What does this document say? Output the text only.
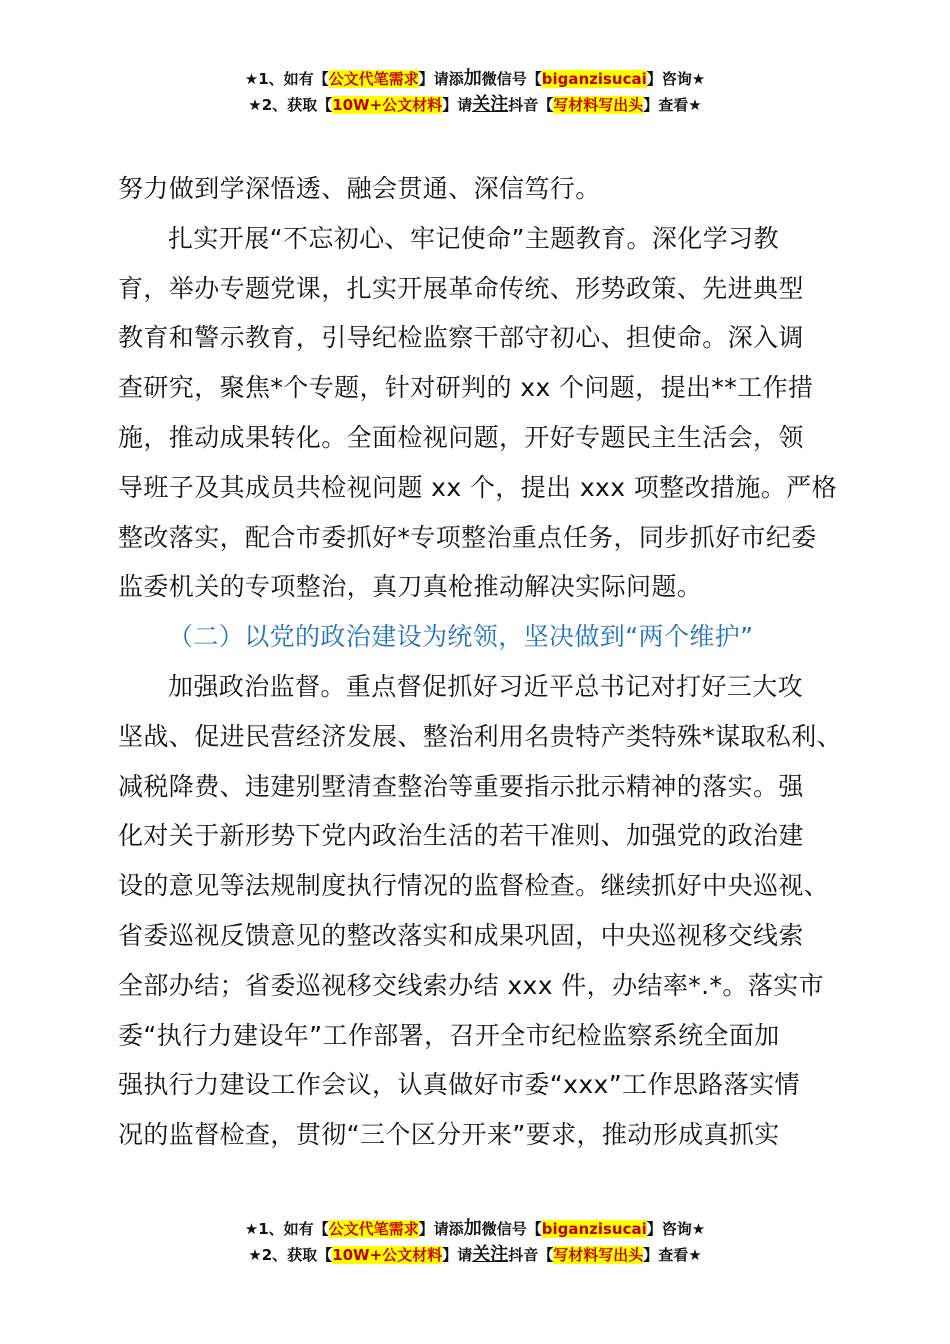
★1、如有【公文代笔需求】请添加微信号【biganzisucai】咨询★
★2、获取【10W+公文材料】请关注抖音【写材料写出头】查看★

努力做到学深悟透、融会贯通、深信笃行。

扎实开展“不忘初心、牢记使命”主题教育。深化学习教
育，举办专题党课，扎实开展革命传统、形势政策、先进典型
教育和警示教育，引导纪检监察干部守初心、担使命。深入调
查研究，聚焦*个专题，针对研判的 xx 个问题，提出**工作措
施，推动成果转化。全面检视问题，开好专题民主生活会，领
导班子及其成员共检视问题 xx 个，提出 xxx 项整改措施。严格
整改落实，配合市委抓好*专项整治重点任务，同步抓好市纪委
监委机关的专项整治，真刀真枪推动解决实际问题。

（二）以党的政治建设为统领，坚决做到“两个维护”

加强政治监督。重点督促抓好习近平总书记对打好三大攻
坚战、促进民营经济发展、整治利用名贵特产类特殊*谋取私利、
减税降费、违建别墅清查整治等重要指示批示精神的落实。强
化对关于新形势下党内政治生活的若干准则、加强党的政治建
设的意见等法规制度执行情况的监督检查。继续抓好中央巡视、
省委巡视反馈意见的整改落实和成果巩固，中央巡视移交线索
全部办结；省委巡视移交线索办结 xxx 件，办结率*.*。落实市
委“执行力建设年”工作部署，召开全市纪检监察系统全面加
强执行力建设工作会议，认真做好市委“xxx”工作思路落实情
况的监督检查，贯彻“三个区分开来”要求，推动形成真抓实

★1、如有【公文代笔需求】请添加微信号【biganzisucai】咨询★
★2、获取【10W+公文材料】请关注抖音【写材料写出头】查看★
